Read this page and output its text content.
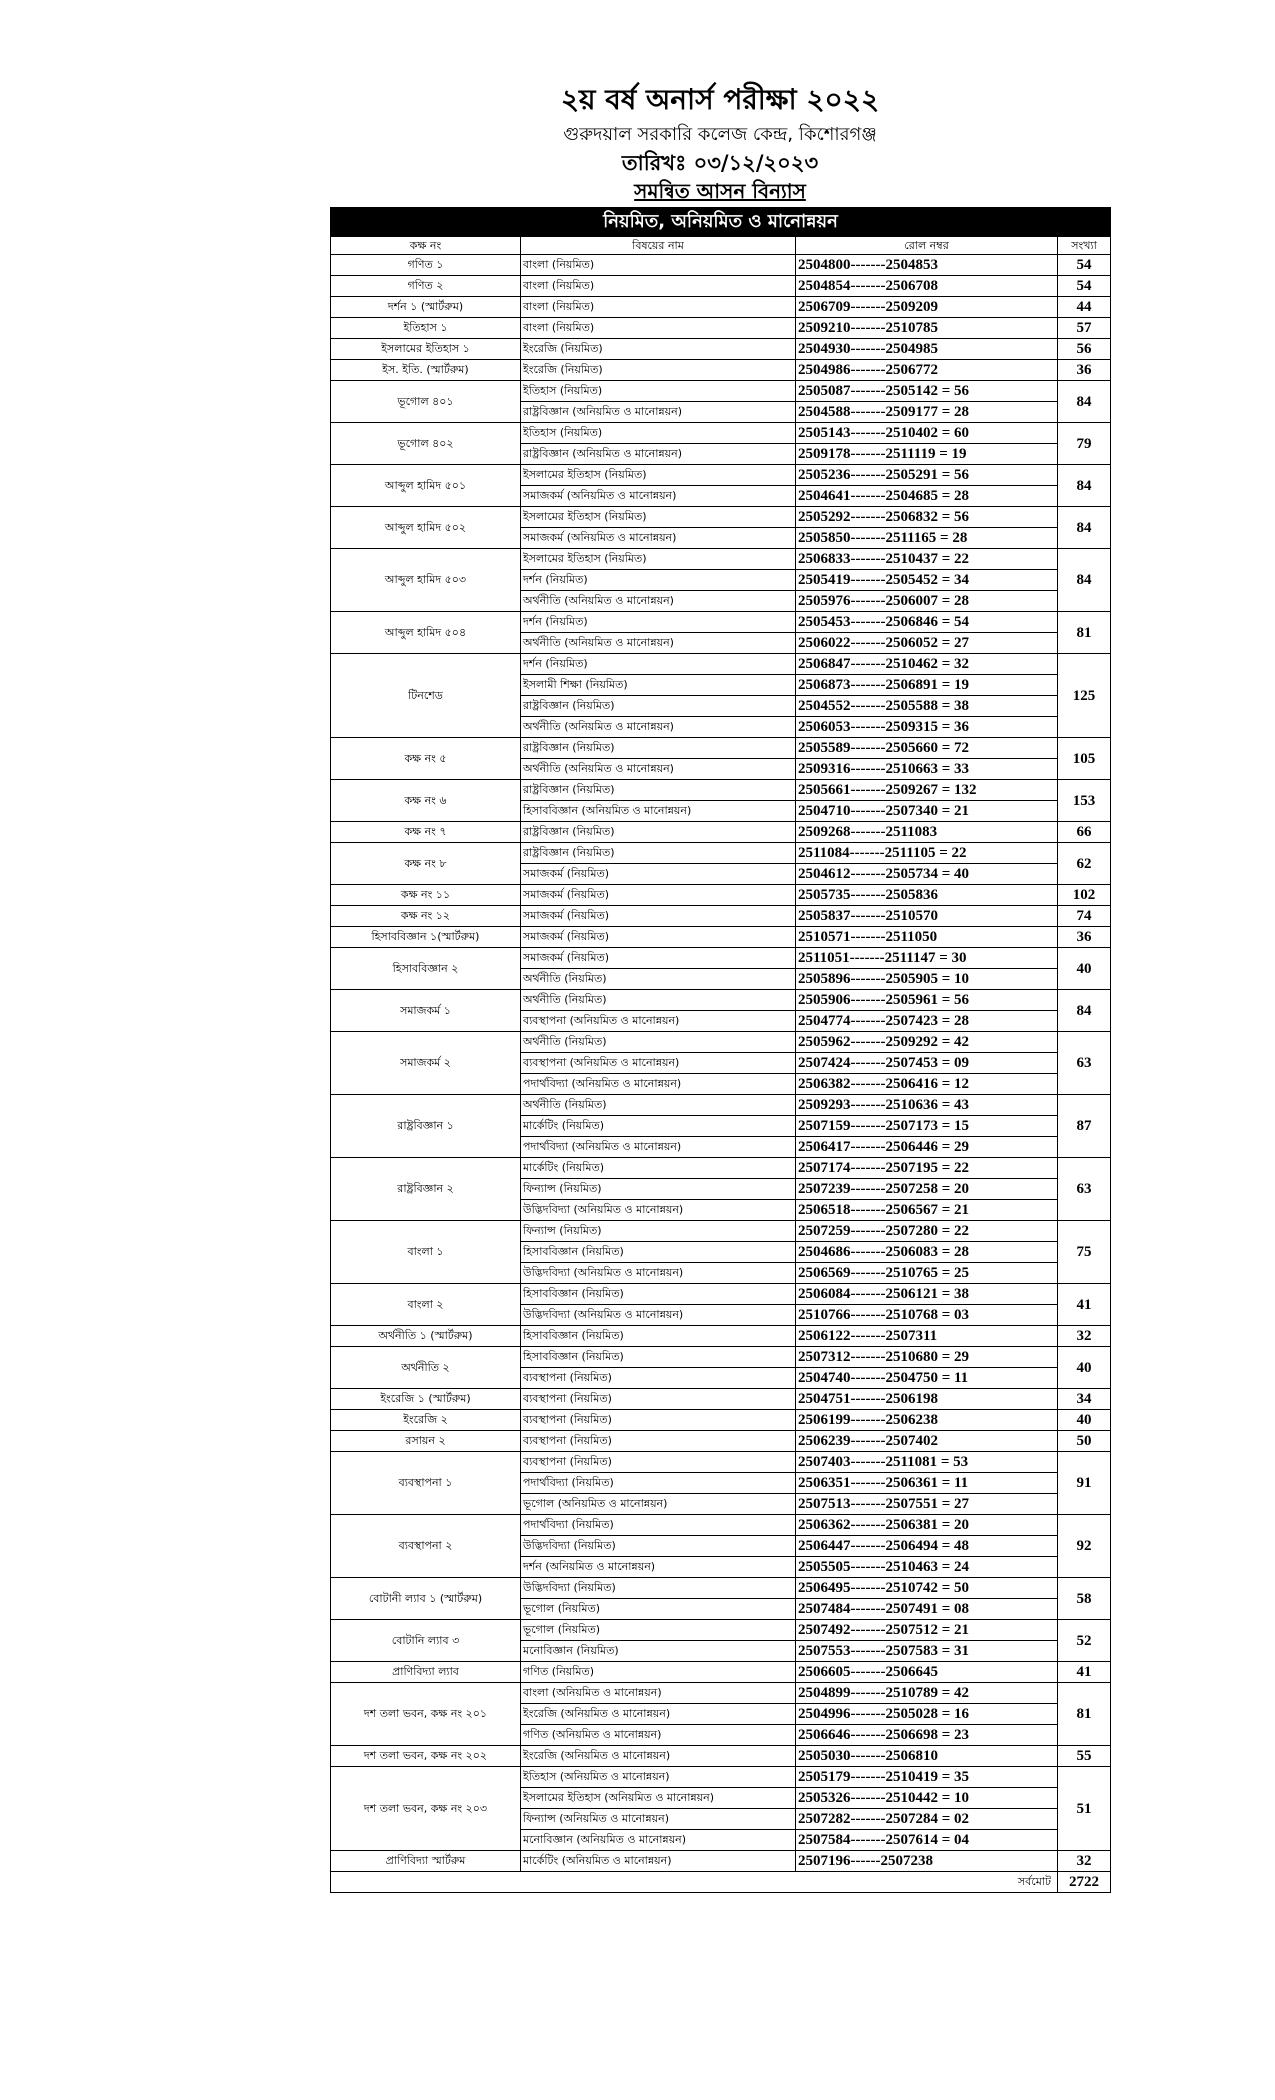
২য় বর্ষ অনার্স পরীক্ষা ২০২২
গুরুদয়াল সরকারি কলেজ কেন্দ্র, কিশোরগঞ্জ
তারিখঃ ০৩/১২/২০২৩
সমন্বিত আসন বিন্যাস
নিয়মিত, অনিয়মিত ও মানোন্নয়ন			
কক্ষ নং	বিষয়ের নাম	রোল নম্বর	সংখ্যা
গণিত ১	বাংলা (নিয়মিত)	2504800-------2504853	54
গণিত ২	বাংলা (নিয়মিত)	2504854-------2506708	54
দর্শন ১ (স্মার্টরুম)	বাংলা (নিয়মিত)	2506709-------2509209	44
ইতিহাস ১	বাংলা (নিয়মিত)	2509210-------2510785	57
ইসলামের ইতিহাস ১	ইংরেজি (নিয়মিত)	2504930-------2504985	56
ইস. ইতি. (স্মার্টরুম)	ইংরেজি (নিয়মিত)	2504986-------2506772	36
ভূগোল ৪০১	ইতিহাস (নিয়মিত)	2505087-------2505142 = 56	84
	রাষ্ট্রবিজ্ঞান (অনিয়মিত ও মানোন্নয়ন)	2504588-------2509177 = 28	
ভূগোল ৪০২	ইতিহাস (নিয়মিত)	2505143-------2510402 = 60	79
	রাষ্ট্রবিজ্ঞান (অনিয়মিত ও মানোন্নয়ন)	2509178-------2511119 = 19	
আব্দুল হামিদ ৫০১	ইসলামের ইতিহাস (নিয়মিত)	2505236-------2505291 = 56	84
	সমাজকর্ম (অনিয়মিত ও মানোন্নয়ন)	2504641-------2504685 = 28	
আব্দুল হামিদ ৫০২	ইসলামের ইতিহাস (নিয়মিত)	2505292-------2506832 = 56	84
	সমাজকর্ম (অনিয়মিত ও মানোন্নয়ন)	2505850-------2511165 = 28	
আব্দুল হামিদ ৫০৩	ইসলামের ইতিহাস (নিয়মিত)	2506833-------2510437 = 22	84
	দর্শন (নিয়মিত)	2505419-------2505452 = 34	
	অর্থনীতি (অনিয়মিত ও মানোন্নয়ন)	2505976-------2506007 = 28	
আব্দুল হামিদ ৫০৪	দর্শন (নিয়মিত)	2505453-------2506846 = 54	81
	অর্থনীতি (অনিয়মিত ও মানোন্নয়ন)	2506022-------2506052 = 27	
টিনশেড	দর্শন (নিয়মিত)	2506847-------2510462 = 32	125
	ইসলামী শিক্ষা (নিয়মিত)	2506873-------2506891 = 19	
	রাষ্ট্রবিজ্ঞান (নিয়মিত)	2504552-------2505588 = 38	
	অর্থনীতি (অনিয়মিত ও মানোন্নয়ন)	2506053-------2509315 = 36	
কক্ষ নং ৫	রাষ্ট্রবিজ্ঞান (নিয়মিত)	2505589-------2505660 = 72	105
	অর্থনীতি (অনিয়মিত ও মানোন্নয়ন)	2509316-------2510663 = 33	
কক্ষ নং ৬	রাষ্ট্রবিজ্ঞান (নিয়মিত)	2505661-------2509267 = 132	153
	হিসাববিজ্ঞান (অনিয়মিত ও মানোন্নয়ন)	2504710-------2507340 = 21	
কক্ষ নং ৭	রাষ্ট্রবিজ্ঞান (নিয়মিত)	2509268-------2511083	66
কক্ষ নং ৮	রাষ্ট্রবিজ্ঞান (নিয়মিত)	2511084-------2511105 = 22	62
	সমাজকর্ম (নিয়মিত)	2504612-------2505734 = 40	
কক্ষ নং ১১	সমাজকর্ম (নিয়মিত)	2505735-------2505836	102
কক্ষ নং ১২	সমাজকর্ম (নিয়মিত)	2505837-------2510570	74
হিসাববিজ্ঞান ১(স্মার্টরুম)	সমাজকর্ম (নিয়মিত)	2510571-------2511050	36
হিসাববিজ্ঞান ২	সমাজকর্ম (নিয়মিত)	2511051-------2511147 = 30	40
	অর্থনীতি (নিয়মিত)	2505896-------2505905 = 10	
সমাজকর্ম ১	অর্থনীতি (নিয়মিত)	2505906-------2505961 = 56	84
	ব্যবস্থাপনা (অনিয়মিত ও মানোন্নয়ন)	2504774-------2507423 = 28	
সমাজকর্ম ২	অর্থনীতি (নিয়মিত)	2505962-------2509292 = 42	63
	ব্যবস্থাপনা (অনিয়মিত ও মানোন্নয়ন)	2507424-------2507453 = 09	
	পদার্থবিদ্যা (অনিয়মিত ও মানোন্নয়ন)	2506382-------2506416 = 12	
রাষ্ট্রবিজ্ঞান ১	অর্থনীতি (নিয়মিত)	2509293-------2510636 = 43	87
	মার্কেটিং (নিয়মিত)	2507159-------2507173 = 15	
	পদার্থবিদ্যা (অনিয়মিত ও মানোন্নয়ন)	2506417-------2506446 = 29	
রাষ্ট্রবিজ্ঞান ২	মার্কেটিং (নিয়মিত)	2507174-------2507195 = 22	63
	ফিন্যান্স (নিয়মিত)	2507239-------2507258 = 20	
	উদ্ভিদবিদ্যা (অনিয়মিত ও মানোন্নয়ন)	2506518-------2506567 = 21	
বাংলা ১	ফিন্যান্স (নিয়মিত)	2507259-------2507280 = 22	75
	হিসাববিজ্ঞান (নিয়মিত)	2504686-------2506083 = 28	
	উদ্ভিদবিদ্যা (অনিয়মিত ও মানোন্নয়ন)	2506569-------2510765 = 25	
বাংলা ২	হিসাববিজ্ঞান (নিয়মিত)	2506084-------2506121 = 38	41
	উদ্ভিদবিদ্যা (অনিয়মিত ও মানোন্নয়ন)	2510766-------2510768 = 03	
অর্থনীতি ১ (স্মার্টরুম)	হিসাববিজ্ঞান (নিয়মিত)	2506122-------2507311	32
অর্থনীতি ২	হিসাববিজ্ঞান (নিয়মিত)	2507312-------2510680 = 29	40
	ব্যবস্থাপনা (নিয়মিত)	2504740-------2504750 = 11	
ইংরেজি ১ (স্মার্টরুম)	ব্যবস্থাপনা (নিয়মিত)	2504751-------2506198	34
ইংরেজি ২	ব্যবস্থাপনা (নিয়মিত)	2506199-------2506238	40
রসায়ন ২	ব্যবস্থাপনা (নিয়মিত)	2506239-------2507402	50
ব্যবস্থাপনা ১	ব্যবস্থাপনা (নিয়মিত)	2507403-------2511081 = 53	91
	পদার্থবিদ্যা (নিয়মিত)	2506351-------2506361 = 11	
	ভূগোল (অনিয়মিত ও মানোন্নয়ন)	2507513-------2507551 = 27	
ব্যবস্থাপনা ২	পদার্থবিদ্যা (নিয়মিত)	2506362-------2506381 = 20	92
	উদ্ভিদবিদ্যা (নিয়মিত)	2506447-------2506494 = 48	
	দর্শন (অনিয়মিত ও মানোন্নয়ন)	2505505-------2510463 = 24	
বোটানী ল্যাব ১ (স্মার্টরুম)	উদ্ভিদবিদ্যা (নিয়মিত)	2506495-------2510742 = 50	58
	ভূগোল (নিয়মিত)	2507484-------2507491 = 08	
বোটানি ল্যাব ৩	ভূগোল (নিয়মিত)	2507492-------2507512 = 21	52
	মনোবিজ্ঞান (নিয়মিত)	2507553-------2507583 = 31	
প্রাণিবিদ্যা ল্যাব	গণিত (নিয়মিত)	2506605-------2506645	41
দশ তলা ভবন, কক্ষ নং ২০১	বাংলা (অনিয়মিত ও মানোন্নয়ন)	2504899-------2510789 = 42	81
	ইংরেজি (অনিয়মিত ও মানোন্নয়ন)	2504996-------2505028 = 16	
	গণিত (অনিয়মিত ও মানোন্নয়ন)	2506646-------2506698 = 23	
দশ তলা ভবন, কক্ষ নং ২০২	ইংরেজি (অনিয়মিত ও মানোন্নয়ন)	2505030-------2506810	55
দশ তলা ভবন, কক্ষ নং ২০৩	ইতিহাস (অনিয়মিত ও মানোন্নয়ন)	2505179-------2510419 = 35	51
	ইসলামের ইতিহাস (অনিয়মিত ও মানোন্নয়ন)	2505326-------2510442 = 10	
	ফিন্যান্স (অনিয়মিত ও মানোন্নয়ন)	2507282-------2507284 = 02	
	মনোবিজ্ঞান (অনিয়মিত ও মানোন্নয়ন)	2507584-------2507614 = 04	
প্রাণিবিদ্যা স্মার্টরুম	মার্কেটিং (অনিয়মিত ও মানোন্নয়ন)	2507196------2507238	32
সর্বমোট			2722
